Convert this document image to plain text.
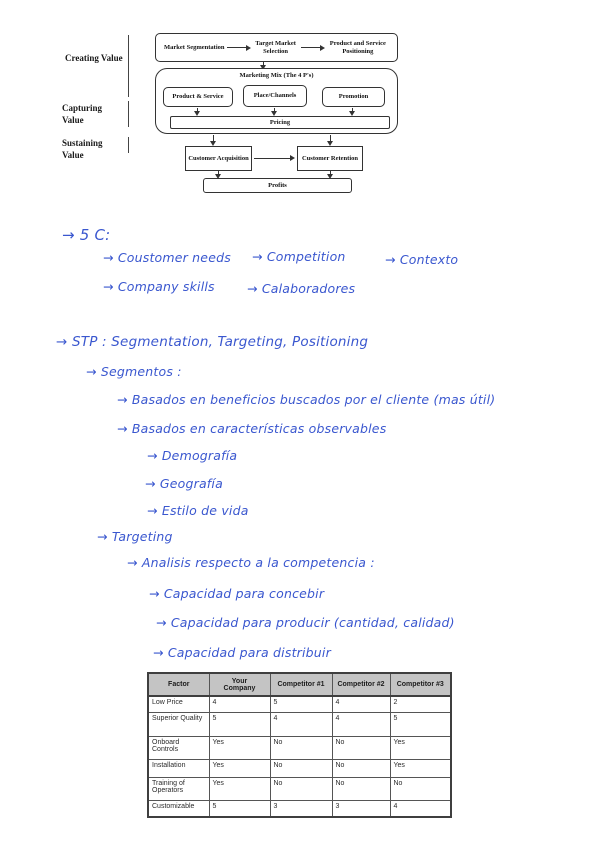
Creating Value
Capturing Value
Sustaining Value
Market Segmentation
Target Market Selection
Product and Service Positioning
Marketing Mix (The 4 P's)
Product & Service	Place/Channels	Promotion
Pricing
Customer Acquisition	Customer Retention
Profits
→ 5 C:
→ Coustomer needs → Competition	→ Contexto
→ Company skills	→ Calaboradores
→ STP : Segmentation, Targeting, Positioning
→ Segmentos :
→ Basados en beneficios buscados por el cliente (mas útil)
→ Basados en características observables
→ Demografía
→ Geografía
→ Estilo de vida
→ Targeting
→ Analisis respecto a la competencia :
→ Capacidad para concebir
→ Capacidad para producir (cantidad, calidad)
→ Capacidad para distribuir
Factor	Your Company	Competitor #1	Competitor #2	Competitor #3
Low Price	4	5	4	2
Superior Quality	5	4	4	5
Onboard Controls	Yes	No	No	Yes
Installation	Yes	No	No	Yes
Training of Operators	Yes	No	No	No
Customizable	5	3	3	4
